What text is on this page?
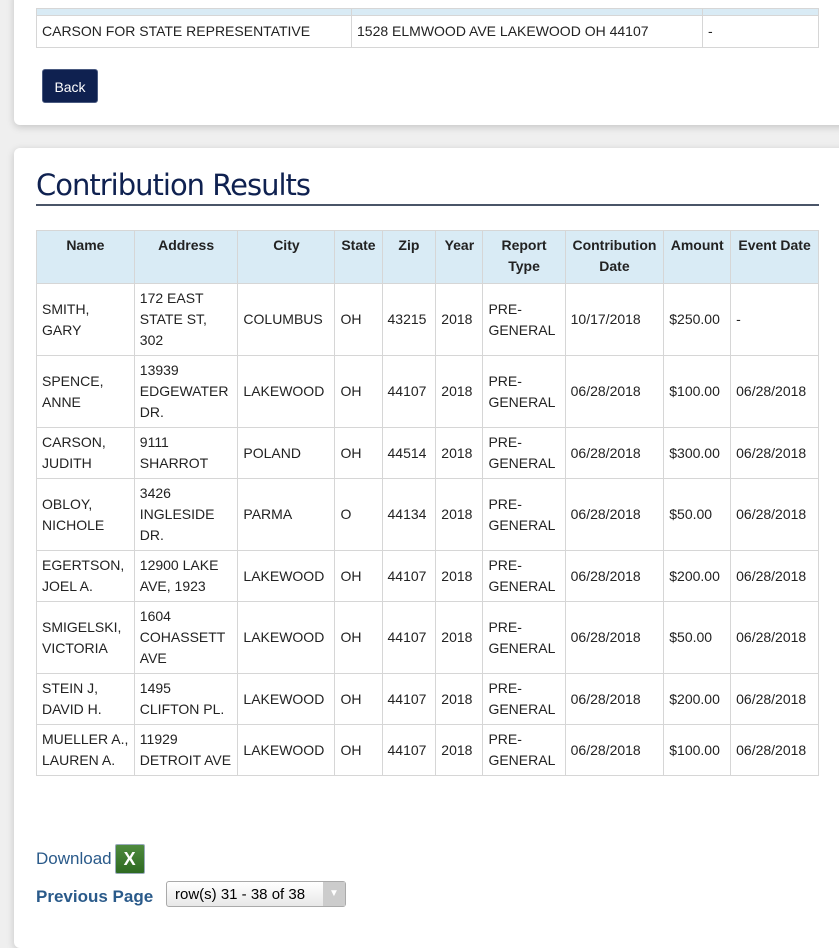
CARSON FOR STATE REPRESENTATIVE	1528 ELMWOOD AVE LAKEWOOD OH 44107	-
Back
Contribution Results
Name	Address	City	State	Zip	Year	Report Type	Contribution Date	Amount	Event Date
SMITH, GARY	172 EAST STATE ST, 302	COLUMBUS	OH	43215	2018	PRE-GENERAL	10/17/2018	$250.00	-
SPENCE, ANNE	13939 EDGEWATER DR.	LAKEWOOD	OH	44107	2018	PRE-GENERAL	06/28/2018	$100.00	06/28/2018
CARSON, JUDITH	9111 SHARROT	POLAND	OH	44514	2018	PRE-GENERAL	06/28/2018	$300.00	06/28/2018
OBLOY, NICHOLE	3426 INGLESIDE DR.	PARMA	O	44134	2018	PRE-GENERAL	06/28/2018	$50.00	06/28/2018
EGERTSON, JOEL A.	12900 LAKE AVE, 1923	LAKEWOOD	OH	44107	2018	PRE-GENERAL	06/28/2018	$200.00	06/28/2018
SMIGELSKI, VICTORIA	1604 COHASSETT AVE	LAKEWOOD	OH	44107	2018	PRE-GENERAL	06/28/2018	$50.00	06/28/2018
STEIN J, DAVID H.	1495 CLIFTON PL.	LAKEWOOD	OH	44107	2018	PRE-GENERAL	06/28/2018	$200.00	06/28/2018
MUELLER A., LAUREN A.	11929 DETROIT AVE	LAKEWOOD	OH	44107	2018	PRE-GENERAL	06/28/2018	$100.00	06/28/2018
Download X
Previous Page	row(s) 31 - 38 of 38	▼
